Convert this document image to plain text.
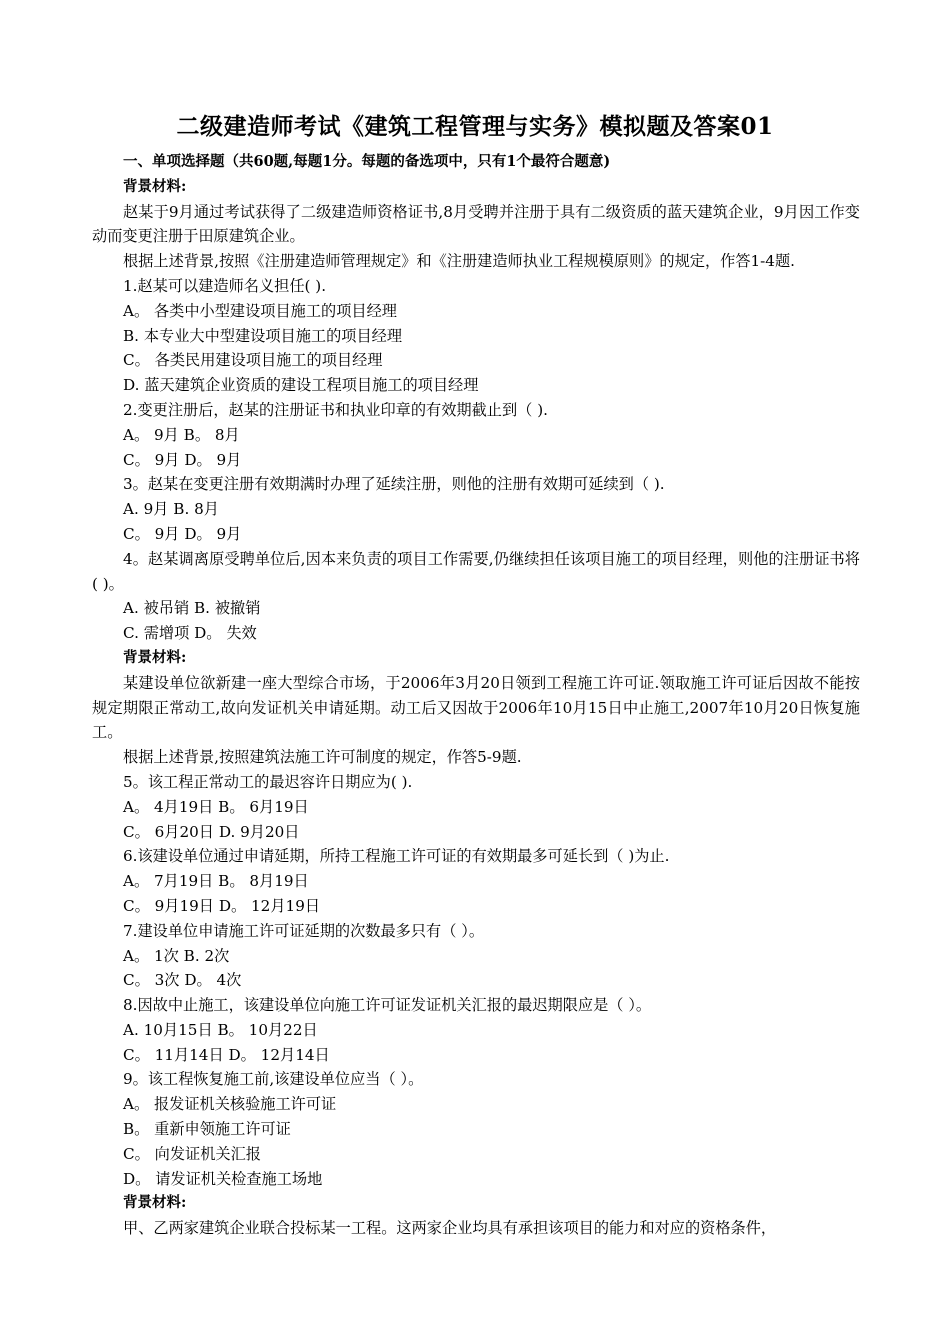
二级建造师考试《建筑工程管理与实务》模拟题及答案01

一、单项选择题（共60题,每题1分。每题的备选项中，只有1个最符合题意)

背景材料:

赵某于9月通过考试获得了二级建造师资格证书,8月受聘并注册于具有二级资质的蓝天建筑企业，9月因工作变动而变更注册于田原建筑企业。

根据上述背景,按照《注册建造师管理规定》和《注册建造师执业工程规模原则》的规定，作答1-4题.

1.赵某可以建造师名义担任( ).

A。 各类中小型建设项目施工的项目经理

B. 本专业大中型建设项目施工的项目经理

C。 各类民用建设项目施工的项目经理

D. 蓝天建筑企业资质的建设工程项目施工的项目经理

2.变更注册后，赵某的注册证书和执业印章的有效期截止到（ ).

A。 9月 B。 8月

C。 9月 D。 9月

3。赵某在变更注册有效期满时办理了延续注册，则他的注册有效期可延续到（ ).

A. 9月 B. 8月

C。 9月 D。 9月

4。赵某调离原受聘单位后,因本来负责的项目工作需要,仍继续担任该项目施工的项目经理，则他的注册证书将( )。

A. 被吊销 B. 被撤销

C. 需增项 D。 失效

背景材料:

某建设单位欲新建一座大型综合市场，于2006年3月20日领到工程施工许可证.领取施工许可证后因故不能按规定期限正常动工,故向发证机关申请延期。动工后又因故于2006年10月15日中止施工,2007年10月20日恢复施工。

根据上述背景,按照建筑法施工许可制度的规定，作答5-9题.

5。该工程正常动工的最迟容许日期应为( ).

A。 4月19日 B。 6月19日

C。 6月20日 D. 9月20日

6.该建设单位通过申请延期，所持工程施工许可证的有效期最多可延长到（ )为止.

A。 7月19日 B。 8月19日

C。 9月19日 D。 12月19日

7.建设单位申请施工许可证延期的次数最多只有（ ）。

A。 1次 B. 2次

C。 3次 D。 4次

8.因故中止施工，该建设单位向施工许可证发证机关汇报的最迟期限应是（ ）。

A. 10月15日 B。 10月22日

C。 11月14日 D。 12月14日

9。该工程恢复施工前,该建设单位应当（ ）。

A。 报发证机关核验施工许可证

B。 重新申领施工许可证

C。 向发证机关汇报

D。 请发证机关检查施工场地

背景材料:

甲、乙两家建筑企业联合投标某一工程。这两家企业均具有承担该项目的能力和对应的资格条件，
